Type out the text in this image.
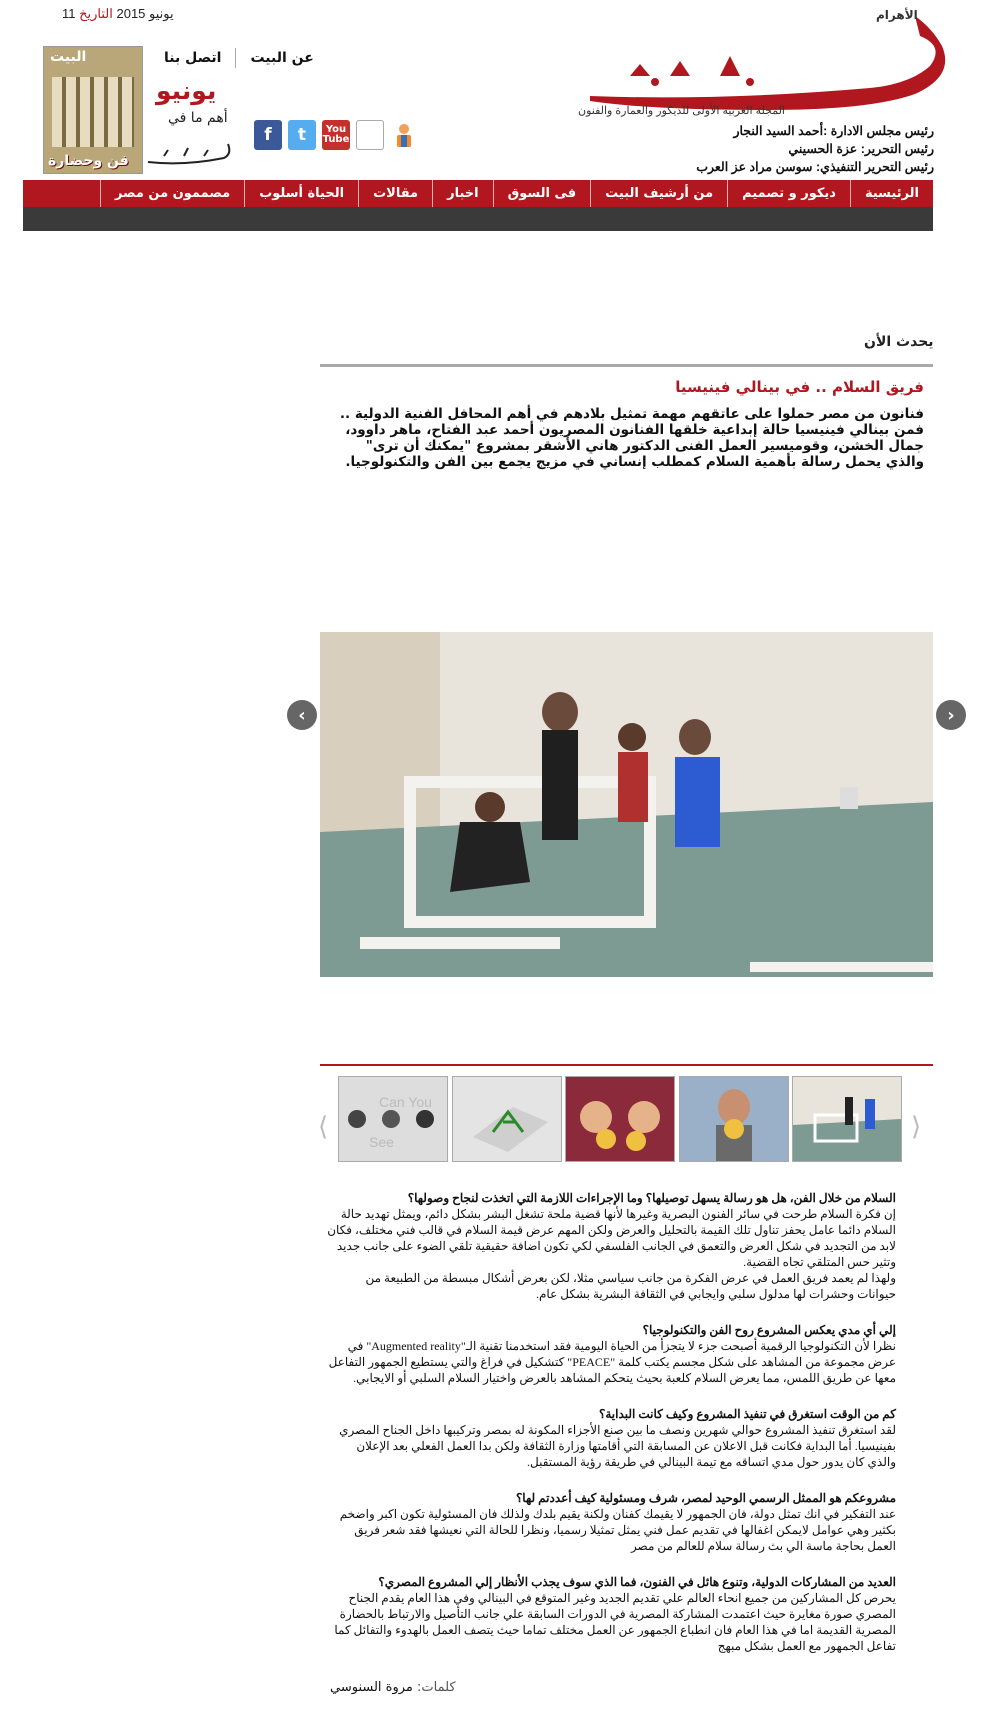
11 يونيو 2015 التاريخ	الأهرام
المجلة العربية الأولى للديكور والعمارة والفنون
رئيس مجلس الادارة :أحمد السيد النجار
رئيس التحرير: عزة الحسيني
رئيس التحرير التنفيذي: سوسن مراد عز العرب
عن البيتاتصل بنا
البيت
فن وحضارة
يونيو
أهم ما في
f	t	You
Tube
الرئيسية
ديكور و تصميم
من أرشيف البيت
فى السوق
اخبار
مقالات
الحياة أسلوب
مصممون من مصر
يحدث الأن
فريق السلام .. في بينالي فينيسيا
فنانون من مصر حملوا على عاتقهم مهمة تمثيل بلادهم في أهم المحافل الفنية الدولية .. فمن بينالي فينيسيا حالة إبداعية خلقها الفنانون المصريون أحمد عبد الفتاح، ماهر داوود، جمال الخشن، وقوميسير العمل الفنى الدكتور هاني الأشقر بمشروع "يمكنك أن ترى" والذي يحمل رسالة بأهمية السلام كمطلب إنساني في مزيج يجمع بين الفن والتكنولوجيا.
‹	›
⟨
Can You
See	⟩

السلام من خلال الفن، هل هو رسالة يسهل توصيلها؟ وما الإجراءات اللازمة التي اتخذت لنجاح وصولها؟
إن فكرة السلام طرحت في سائر الفنون البصرية وغيرها لأنها قضية ملحة تشغل البشر بشكل دائم، ويمثل تهديد حالة السلام دائما عامل يحفز تناول تلك القيمة بالتحليل والعرض ولكن المهم عرض قيمة السلام في قالب فني مختلف، فكان لابد من التجديد في شكل العرض والتعمق في الجانب الفلسفي لكي تكون اضافة حقيقية تلقي الضوء على جانب جديد وتثير حس المتلقي تجاه القضية.
ولهذا لم يعمد فريق العمل في عرض الفكرة من جانب سياسي مثلا، لكن بعرض أشكال مبسطة من الطبيعة من حيوانات وحشرات لها مدلول سلبي وايجابي في الثقافة البشرية بشكل عام.

إلي أي مدي يعكس المشروع روح الفن والتكنولوجيا؟
نظرا لأن التكنولوجيا الرقمية أصبحت جزء لا يتجزأ من الحياة اليومية فقد استخدمنا تقنية الـ"Augmented reality" في عرض مجموعة من المشاهد على شكل مجسم يكتب كلمة "PEACE" كتشكيل في فراغ والتي يستطيع الجمهور التفاعل معها عن طريق اللمس، مما يعرض السلام كلعبة بحيث يتحكم المشاهد بالعرض واختيار السلام السلبي أو الايجابي.

كم من الوقت استغرق في تنفيذ المشروع وكيف كانت البداية؟
لقد استغرق تنفيذ المشروع حوالي شهرين ونصف ما بين صنع الأجزاء المكونة له بمصر وتركيبها داخل الجناح المصري بفينيسيا. أما البداية فكانت قبل الاعلان عن المسابقة التي أقامتها وزارة الثقافة ولكن بدا العمل الفعلي بعد الإعلان والذي كان يدور حول مدي اتساقه مع تيمة البينالي في طريقة رؤية المستقبل.

مشروعكم هو الممثل الرسمي الوحيد لمصر، شرف ومسئولية كيف أعددتم لها؟
عند التفكير في انك تمثل دولة، فان الجمهور لا يقيمك كفنان ولكنة يقيم بلدك ولذلك فان المسئولية تكون اكبر واضخم بكثير وهي عوامل لايمكن اغفالها في تقديم عمل فني يمثل تمثيلا رسميا، ونظرا للحالة التي نعيشها فقد شعر فريق العمل بحاجة ماسة الي بث رسالة سلام للعالم من مصر

العديد من المشاركات الدولية، وتنوع هائل في الفنون، فما الذي سوف يجذب الأنظار إلي المشروع المصري؟
يحرص كل المشاركين من جميع انحاء العالم علي تقديم الجديد وغير المتوقع في البينالي وفي هذا العام يقدم الجناح المصري صورة مغايرة حيث اعتمدت المشاركة المصرية في الدورات السابقة علي جانب التأصيل والارتباط بالحضارة المصرية القديمة اما في هذا العام فان انطباع الجمهور عن العمل مختلف تماما حيث يتصف العمل بالهدوء والتفائل كما تفاعل الجمهور مع العمل بشكل مبهج

كلمات: مروة السنوسي
